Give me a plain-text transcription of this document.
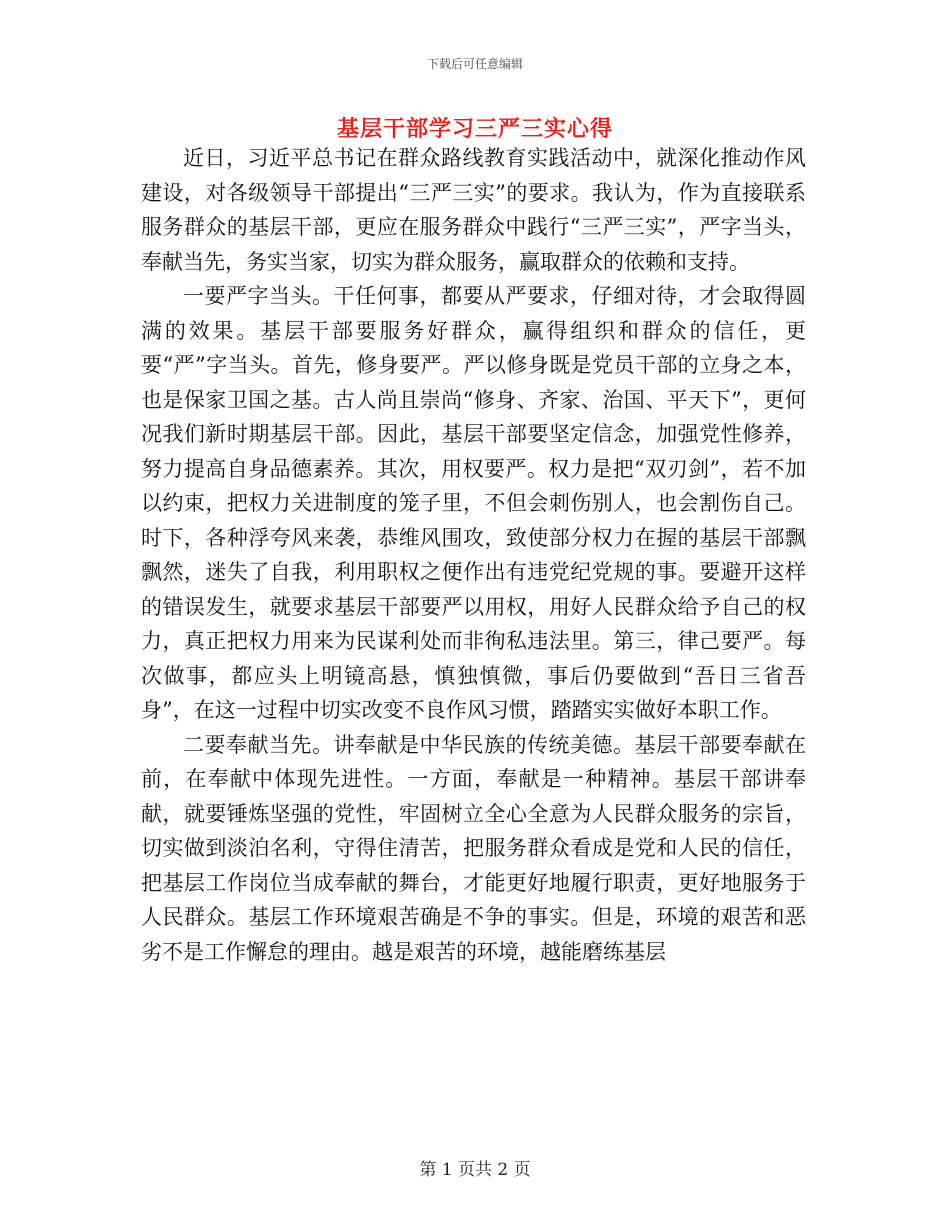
下载后可任意编辑
基层干部学习三严三实心得

近日，习近平总书记在群众路线教育实践活动中，就深化推动作风建设，对各级领导干部提出“三严三实”的要求。我认为，作为直接联系服务群众的基层干部，更应在服务群众中践行“三严三实”，严字当头，奉献当先，务实当家，切实为群众服务，赢取群众的依赖和支持。

一要严字当头。干任何事，都要从严要求，仔细对待，才会取得圆满的效果。基层干部要服务好群众，赢得组织和群众的信任，更要“严”字当头。首先，修身要严。严以修身既是党员干部的立身之本，也是保家卫国之基。古人尚且崇尚“修身、齐家、治国、平天下”，更何况我们新时期基层干部。因此，基层干部要坚定信念，加强党性修养，努力提高自身品德素养。其次，用权要严。权力是把“双刃剑”，若不加以约束，把权力关进制度的笼子里，不但会刺伤别人，也会割伤自己。时下，各种浮夸风来袭，恭维风围攻，致使部分权力在握的基层干部飘飘然，迷失了自我，利用职权之便作出有违党纪党规的事。要避开这样的错误发生，就要求基层干部要严以用权，用好人民群众给予自己的权力，真正把权力用来为民谋利处而非徇私违法里。第三，律己要严。每次做事，都应头上明镜高悬，慎独慎微，事后仍要做到“吾日三省吾身”，在这一过程中切实改变不良作风习惯，踏踏实实做好本职工作。

二要奉献当先。讲奉献是中华民族的传统美德。基层干部要奉献在前，在奉献中体现先进性。一方面，奉献是一种精神。基层干部讲奉献，就要锤炼坚强的党性，牢固树立全心全意为人民群众服务的宗旨，切实做到淡泊名利，守得住清苦，把服务群众看成是党和人民的信任，把基层工作岗位当成奉献的舞台，才能更好地履行职责，更好地服务于人民群众。基层工作环境艰苦确是不争的事实。但是，环境的艰苦和恶劣不是工作懈怠的理由。越是艰苦的环境，越能磨练基层

第 1 页共 2 页
